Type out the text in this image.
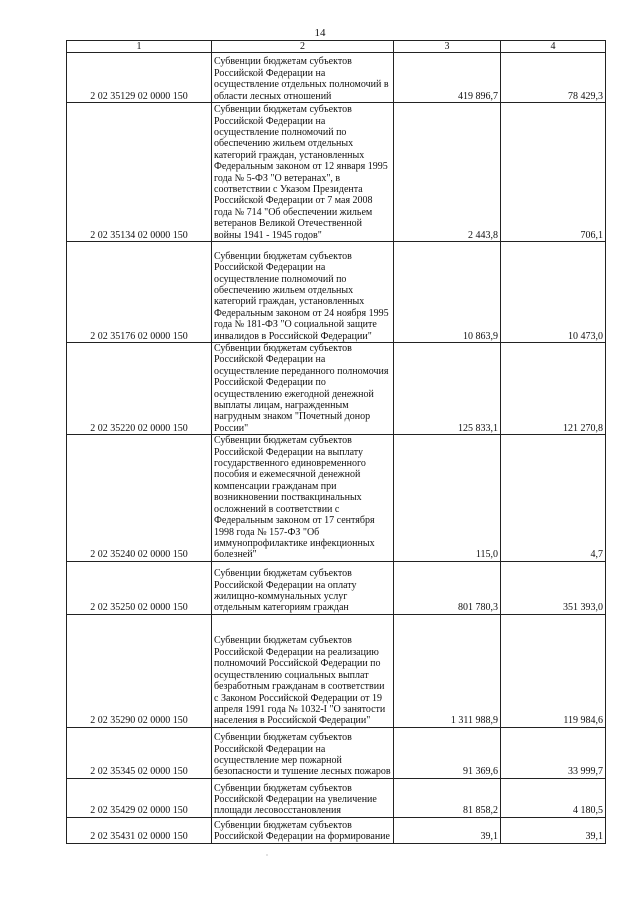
14
1	2	3	4
2 02 35129 02 0000 150	Субвенции бюджетам субъектов Российской Федерации на осуществление отдельных полномочий в области лесных отношений	419 896,7	78 429,3
2 02 35134 02 0000 150	Субвенции бюджетам субъектов Российской Федерации на осуществление полномочий по обеспечению жильем отдельных категорий граждан, установленных Федеральным законом от 12 января 1995 года № 5-ФЗ "О ветеранах", в соответствии с Указом Президента Российской Федерации от 7 мая 2008 года № 714 "Об обеспечении жильем ветеранов Великой Отечественной войны 1941 - 1945 годов"	2 443,8	706,1
2 02 35176 02 0000 150	Субвенции бюджетам субъектов Российской Федерации на осуществление полномочий по обеспечению жильем отдельных категорий граждан, установленных Федеральным законом от 24 ноября 1995 года № 181-ФЗ "О социальной защите инвалидов в Российской Федерации"	10 863,9	10 473,0
2 02 35220 02 0000 150	Субвенции бюджетам субъектов Российской Федерации на осуществление переданного полномочия Российской Федерации по осуществлению ежегодной денежной выплаты лицам, награжденным нагрудным знаком "Почетный донор России"	125 833,1	121 270,8
2 02 35240 02 0000 150	Субвенции бюджетам субъектов Российской Федерации на выплату государственного единовременного пособия и ежемесячной денежной компенсации гражданам при возникновении поствакцинальных осложнений в соответствии с Федеральным законом от 17 сентября 1998 года № 157-ФЗ "Об иммунопрофилактике инфекционных болезней"	115,0	4,7
2 02 35250 02 0000 150	Субвенции бюджетам субъектов Российской Федерации на оплату жилищно-коммунальных услуг отдельным категориям граждан	801 780,3	351 393,0
2 02 35290 02 0000 150	Субвенции бюджетам субъектов Российской Федерации на реализацию полномочий Российской Федерации по осуществлению социальных выплат безработным гражданам в соответствии с Законом Российской Федерации от 19 апреля 1991 года № 1032-I "О занятости населения в Российской Федерации"	1 311 988,9	119 984,6
2 02 35345 02 0000 150	Субвенции бюджетам субъектов Российской Федерации на осуществление мер пожарной безопасности и тушение лесных пожаров	91 369,6	33 999,7
2 02 35429 02 0000 150	Субвенции бюджетам субъектов Российской Федерации на увеличение площади лесовосстановления	81 858,2	4 180,5
2 02 35431 02 0000 150	Субвенции бюджетам субъектов Российской Федерации на формирование	39,1	39,1
